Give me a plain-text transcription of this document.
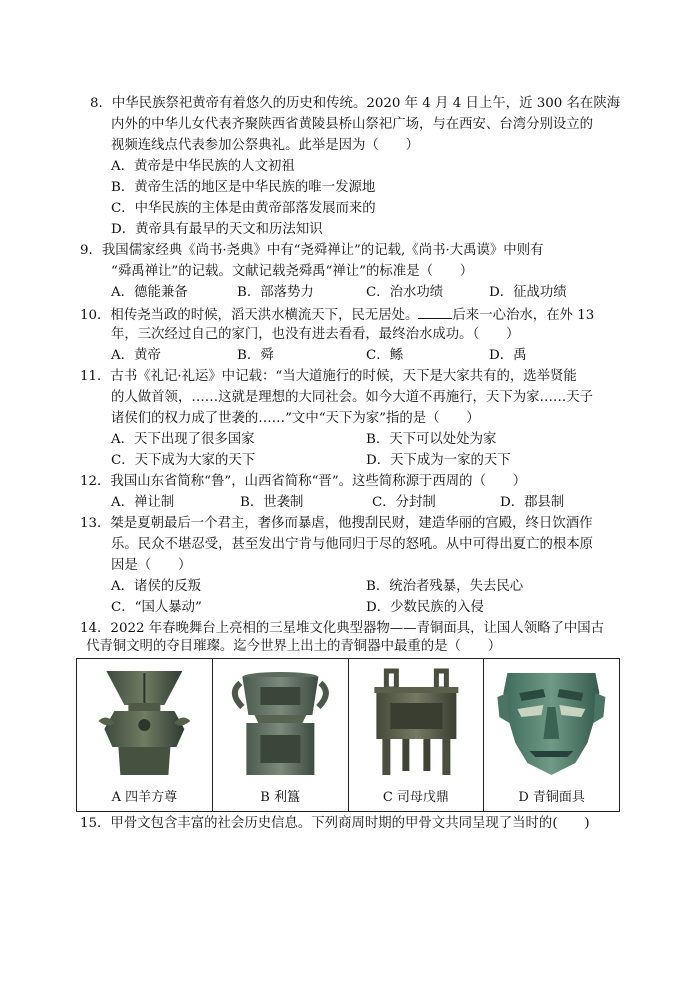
8．中华民族祭祀黄帝有着悠久的历史和传统。2020 年 4 月 4 日上午，近 300 名在陕海
内外的中华儿女代表齐聚陕西省黄陵县桥山祭祀广场，与在西安、台湾分别设立的
视频连线点代表参加公祭典礼。此举是因为（　　）
A．黄帝是中华民族的人文初祖
B．黄帝生活的地区是中华民族的唯一发源地
C．中华民族的主体是由黄帝部落发展而来的
D．黄帝具有最早的天文和历法知识
9．我国儒家经典《尚书·尧典》中有“尧舜禅让”的记载,《尚书·大禹谟》中则有
“舜禹禅让”的记载。文献记载尧舜禹“禅让”的标准是（　　）
A．德能兼备	B．部落势力	C．治水功绩	D．征战功绩
10．相传尧当政的时候，滔天洪水横流天下，民无居处。	后来一心治水，在外 13
年，三次经过自己的家门，也没有进去看看，最终治水成功。（　　）
A．黄帝	B．舜	C．鲧	D．禹
11．古书《礼记·礼运》中记载：“当大道施行的时候，天下是大家共有的，选举贤能
的人做首领，……这就是理想的大同社会。如今大道不再施行，天下为家……天子
诸侯们的权力成了世袭的……”文中“天下为家”指的是（　　）
A．天下出现了很多国家	B．天下可以处处为家
C．天下成为大家的天下	D．天下成为一家的天下
12．我国山东省简称“鲁”，山西省简称“晋”。这些简称源于西周的（　　）
A．禅让制	B．世袭制	C．分封制	D．郡县制
13．桀是夏朝最后一个君主，奢侈而暴虐，他搜刮民财，建造华丽的宫殿，终日饮酒作
乐。民众不堪忍受，甚至发出宁肯与他同归于尽的怒吼。从中可得出夏亡的根本原
因是（　　）
A．诸侯的反叛	B．统治者残暴，失去民心
C．“国人暴动”	D．少数民族的入侵
14．2022 年春晚舞台上亮相的三星堆文化典型器物——青铜面具，让国人领略了中国古
代青铜文明的夺目璀璨。迄今世界上出土的青铜器中最重的是（　　）
A 四羊方尊	B 利簋	C 司母戊鼎	D 青铜面具
15．甲骨文包含丰富的社会历史信息。下列商周时期的甲骨文共同呈现了当时的(　　)
